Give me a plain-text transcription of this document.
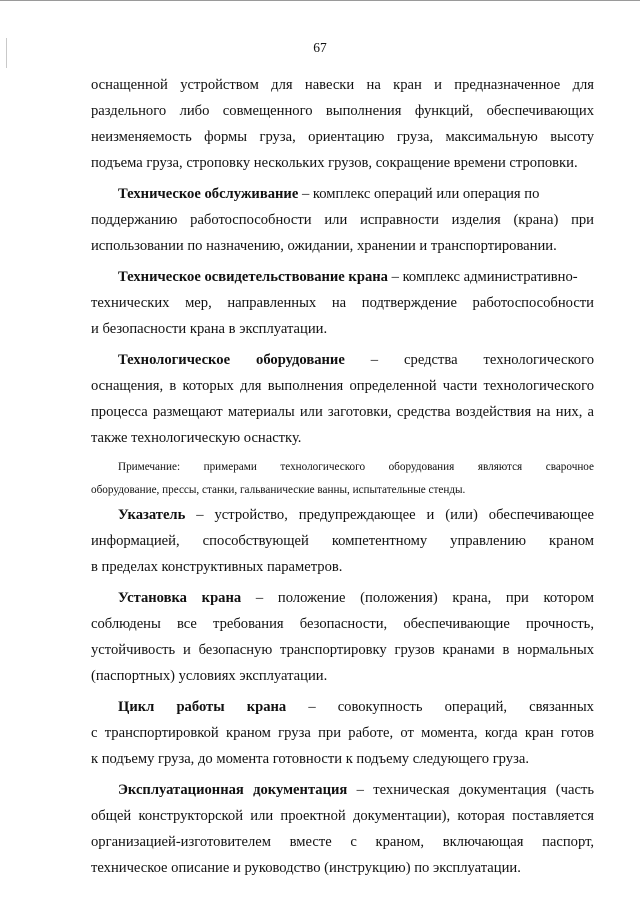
67
оснащенной устройством для навески на кран и предназначенное для
раздельного либо совмещенного выполнения функций, обеспечивающих
неизменяемость формы груза, ориентацию груза, максимальную высоту
подъема груза, строповку нескольких грузов, сокращение времени строповки.
Техническое обслуживание – комплекс операций или операция по
поддержанию работоспособности или исправности изделия (крана) при
использовании по назначению, ожидании, хранении и транспортировании.
Техническое освидетельствование крана – комплекс административно-
технических мер, направленных на подтверждение работоспособности
и безопасности крана в эксплуатации.
Технологическое оборудование – средства технологического
оснащения, в которых для выполнения определенной части технологического
процесса размещают материалы или заготовки, средства воздействия на них, а
также технологическую оснастку.
Примечание: примерами технологического оборудования являются сварочное
оборудование, прессы, станки, гальванические ванны, испытательные стенды.
Указатель – устройство, предупреждающее и (или) обеспечивающее
информацией, способствующей компетентному управлению краном
в пределах конструктивных параметров.
Установка крана – положение (положения) крана, при котором
соблюдены все требования безопасности, обеспечивающие прочность,
устойчивость и безопасную транспортировку грузов кранами в нормальных
(паспортных) условиях эксплуатации.
Цикл работы крана – совокупность операций, связанных
с транспортировкой краном груза при работе, от момента, когда кран готов
к подъему груза, до момента готовности к подъему следующего груза.
Эксплуатационная документация – техническая документация (часть
общей конструкторской или проектной документации), которая поставляется
организацией-изготовителем вместе с краном, включающая паспорт,
техническое описание и руководство (инструкцию) по эксплуатации.
